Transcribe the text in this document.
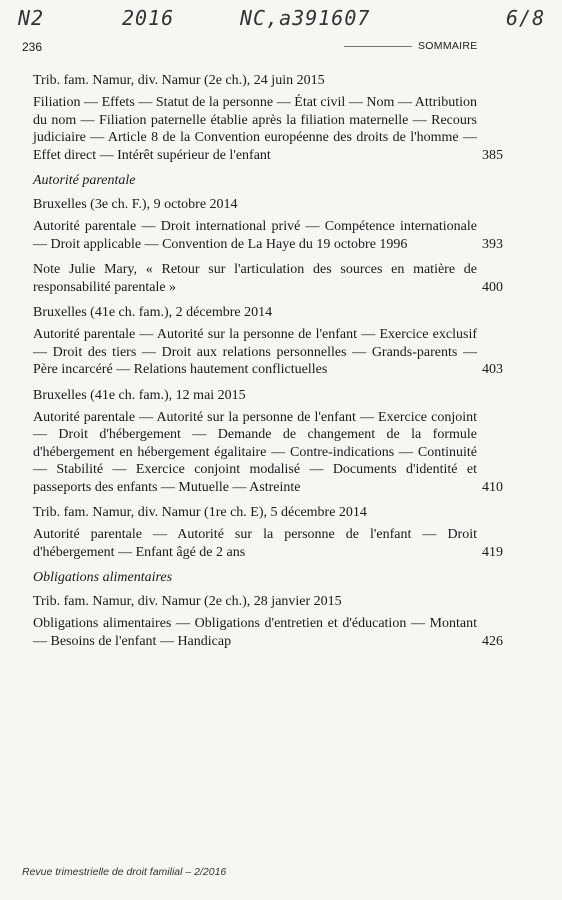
N2	2016	NC,a391607	6/8
236	SOMMAIRE
Trib. fam. Namur, div. Namur (2e ch.), 24 juin 2015
Filiation — Effets — Statut de la personne — État civil — Nom — Attribution du nom — Filiation paternelle établie après la filiation maternelle — Recours judiciaire — Article 8 de la Convention européenne des droits de l'homme — Effet direct — Intérêt supérieur de l'enfant	385
Autorité parentale
Bruxelles (3e ch. F.), 9 octobre 2014
Autorité parentale — Droit international privé — Compétence internationale — Droit applicable — Convention de La Haye du 19 octobre 1996	393
Note Julie Mary, « Retour sur l'articulation des sources en matière de responsabilité parentale »	400
Bruxelles (41e ch. fam.), 2 décembre 2014
Autorité parentale — Autorité sur la personne de l'enfant — Exercice exclusif — Droit des tiers — Droit aux relations personnelles — Grands-parents — Père incarcéré — Relations hautement conflictuelles	403
Bruxelles (41e ch. fam.), 12 mai 2015
Autorité parentale — Autorité sur la personne de l'enfant — Exercice conjoint — Droit d'hébergement — Demande de changement de la formule d'hébergement en hébergement égalitaire — Contre-indications — Continuité — Stabilité — Exercice conjoint modalisé — Documents d'identité et passeports des enfants — Mutuelle — Astreinte	410
Trib. fam. Namur, div. Namur (1re ch. E), 5 décembre 2014
Autorité parentale — Autorité sur la personne de l'enfant — Droit d'hébergement — Enfant âgé de 2 ans	419
Obligations alimentaires
Trib. fam. Namur, div. Namur (2e ch.), 28 janvier 2015
Obligations alimentaires — Obligations d'entretien et d'éducation — Montant — Besoins de l'enfant — Handicap	426
Revue trimestrielle de droit familial – 2/2016
